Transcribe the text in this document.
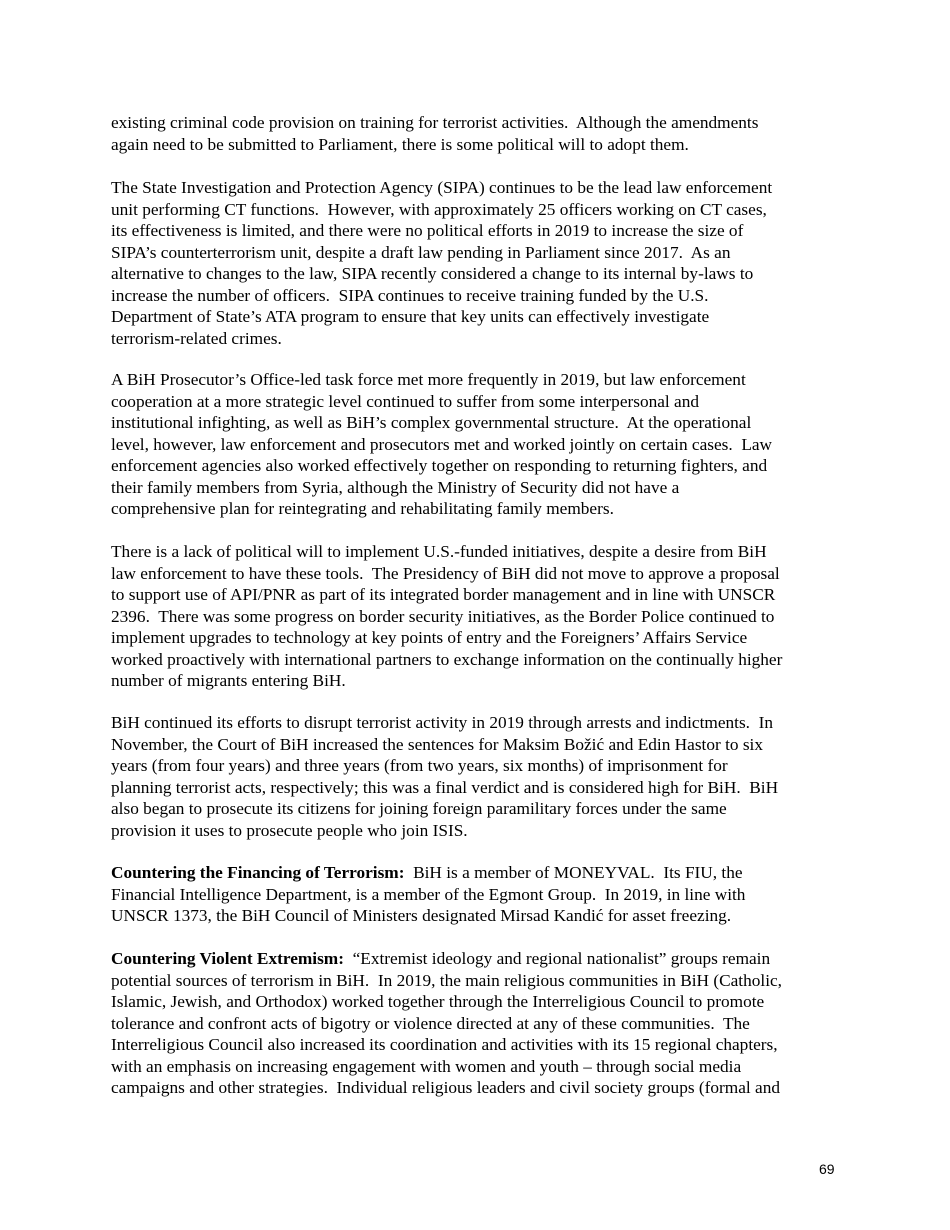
existing criminal code provision on training for terrorist activities.  Although the amendments
again need to be submitted to Parliament, there is some political will to adopt them.
The State Investigation and Protection Agency (SIPA) continues to be the lead law enforcement
unit performing CT functions.  However, with approximately 25 officers working on CT cases,
its effectiveness is limited, and there were no political efforts in 2019 to increase the size of
SIPA’s counterterrorism unit, despite a draft law pending in Parliament since 2017.  As an
alternative to changes to the law, SIPA recently considered a change to its internal by-laws to
increase the number of officers.  SIPA continues to receive training funded by the U.S.
Department of State’s ATA program to ensure that key units can effectively investigate
terrorism-related crimes.
A BiH Prosecutor’s Office-led task force met more frequently in 2019, but law enforcement
cooperation at a more strategic level continued to suffer from some interpersonal and
institutional infighting, as well as BiH’s complex governmental structure.  At the operational
level, however, law enforcement and prosecutors met and worked jointly on certain cases.  Law
enforcement agencies also worked effectively together on responding to returning fighters, and
their family members from Syria, although the Ministry of Security did not have a
comprehensive plan for reintegrating and rehabilitating family members.
There is a lack of political will to implement U.S.-funded initiatives, despite a desire from BiH
law enforcement to have these tools.  The Presidency of BiH did not move to approve a proposal
to support use of API/PNR as part of its integrated border management and in line with UNSCR
2396.  There was some progress on border security initiatives, as the Border Police continued to
implement upgrades to technology at key points of entry and the Foreigners’ Affairs Service
worked proactively with international partners to exchange information on the continually higher
number of migrants entering BiH.
BiH continued its efforts to disrupt terrorist activity in 2019 through arrests and indictments.  In
November, the Court of BiH increased the sentences for Maksim Božić and Edin Hastor to six
years (from four years) and three years (from two years, six months) of imprisonment for
planning terrorist acts, respectively; this was a final verdict and is considered high for BiH.  BiH
also began to prosecute its citizens for joining foreign paramilitary forces under the same
provision it uses to prosecute people who join ISIS.
Countering the Financing of Terrorism:  BiH is a member of MONEYVAL.  Its FIU, the
Financial Intelligence Department, is a member of the Egmont Group.  In 2019, in line with
UNSCR 1373, the BiH Council of Ministers designated Mirsad Kandić for asset freezing.
Countering Violent Extremism:  “Extremist ideology and regional nationalist” groups remain
potential sources of terrorism in BiH.  In 2019, the main religious communities in BiH (Catholic,
Islamic, Jewish, and Orthodox) worked together through the Interreligious Council to promote
tolerance and confront acts of bigotry or violence directed at any of these communities.  The
Interreligious Council also increased its coordination and activities with its 15 regional chapters,
with an emphasis on increasing engagement with women and youth – through social media
campaigns and other strategies.  Individual religious leaders and civil society groups (formal and
69
